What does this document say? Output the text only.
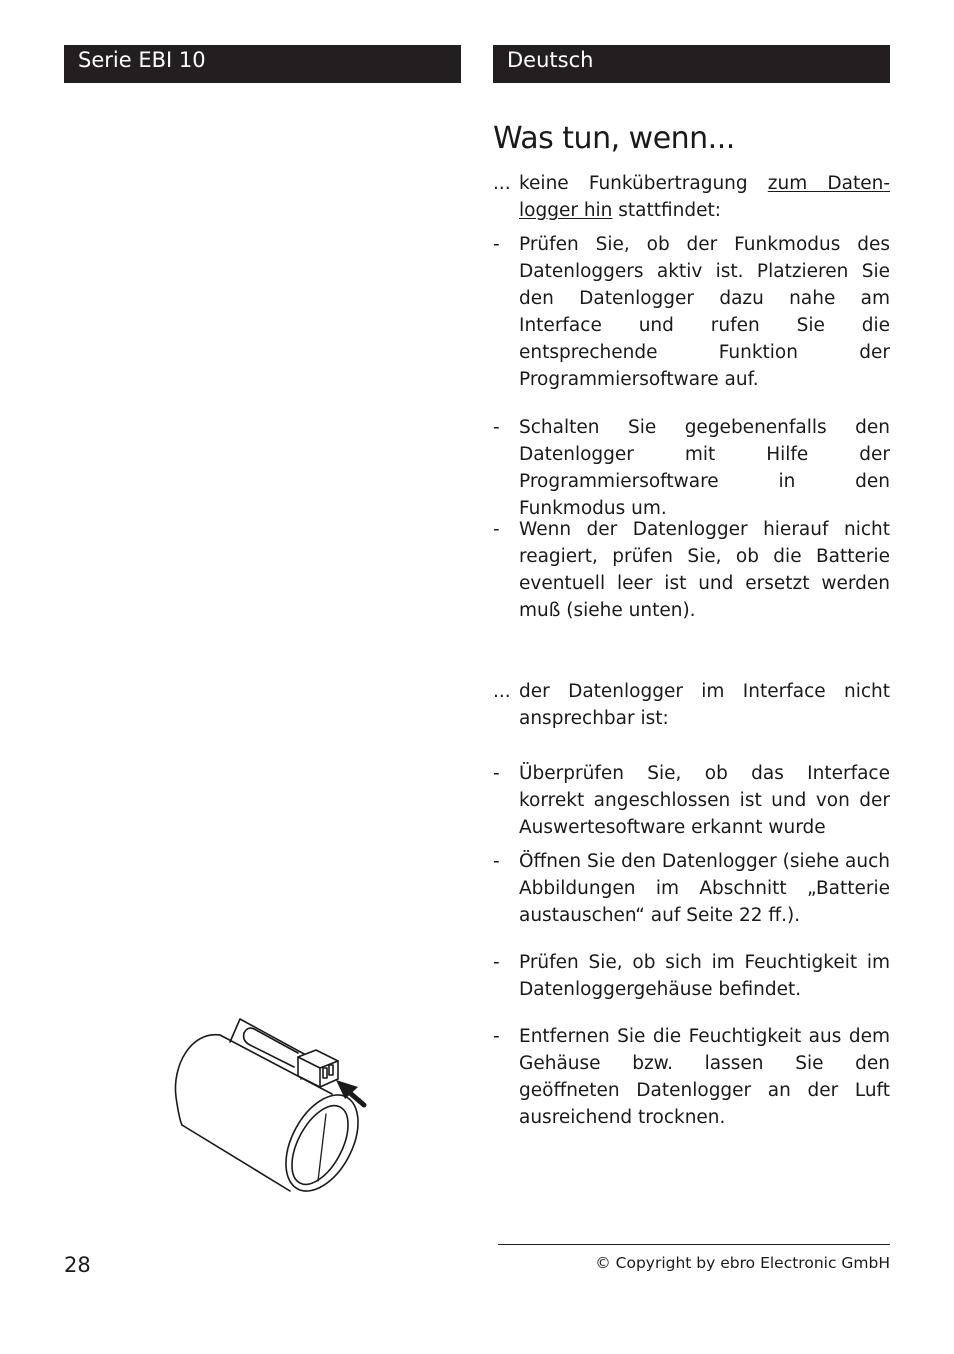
Serie EBI 10	Deutsch
Was tun, wenn...
... keine Funkübertragung zum Datenlogger hin stattfindet:
- Prüfen Sie, ob der Funkmodus des Datenloggers aktiv ist. Platzieren Sie den Datenlogger dazu nahe am Interface und rufen Sie die entsprechende Funktion der Programmiersoftware auf.
- Schalten Sie gegebenenfalls den Datenlogger mit Hilfe der Programmiersoftware in den Funkmodus um.
- Wenn der Datenlogger hierauf nicht reagiert, prüfen Sie, ob die Batterie eventuell leer ist und ersetzt werden muß (siehe unten).
... der Datenlogger im Interface nicht ansprechbar ist:
- Überprüfen Sie, ob das Interface korrekt angeschlossen ist und von der Auswertesoftware erkannt wurde
- Öffnen Sie den Datenlogger (siehe auch Abbildungen im Abschnitt „Batterie austauschen“ auf Seite 22 ff.).
- Prüfen Sie, ob sich im Feuchtigkeit im Datenloggergehäuse befindet.
- Entfernen Sie die Feuchtigkeit aus dem Gehäuse bzw. lassen Sie den geöffneten Datenlogger an der Luft ausreichend trocknen.
28	© Copyright by ebro Electronic GmbH
